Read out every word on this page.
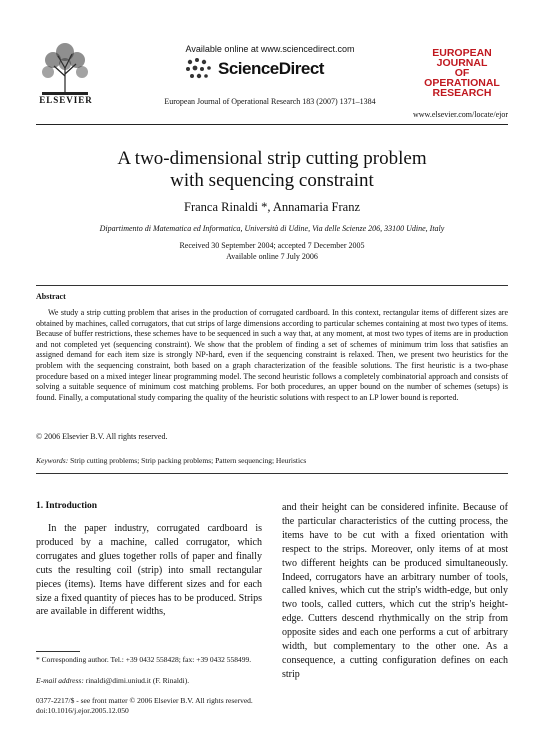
ELSEVIER
Available online at www.sciencedirect.com
ScienceDirect
European Journal of Operational Research 183 (2007) 1371–1384
EUROPEAN
JOURNAL
OF OPERATIONAL
RESEARCH
www.elsevier.com/locate/ejor
A two-dimensional strip cutting problem
with sequencing constraint
Franca Rinaldi *, Annamaria Franz
Dipartimento di Matematica ed Informatica, Università di Udine, Via delle Scienze 206, 33100 Udine, Italy
Received 30 September 2004; accepted 7 December 2005
Available online 7 July 2006
Abstract
We study a strip cutting problem that arises in the production of corrugated cardboard. In this context, rectangular items of different sizes are obtained by machines, called corrugators, that cut strips of large dimensions according to particular schemes containing at most two types of items. Because of buffer restrictions, these schemes have to be sequenced in such a way that, at any moment, at most two types of items are in production and not completed yet (sequencing constraint). We show that the problem of finding a set of schemes of minimum trim loss that satisfies an assigned demand for each item size is strongly NP-hard, even if the sequencing constraint is relaxed. Then, we present two heuristics for the problem with the sequencing constraint, both based on a graph characterization of the feasible solutions. The first heuristic is a two-phase procedure based on a mixed integer linear programming model. The second heuristic follows a completely combinatorial approach and consists of solving a suitable sequence of minimum cost matching problems. For both procedures, an upper bound on the number of schemes (setups) is found. Finally, a computational study comparing the quality of the heuristic solutions with respect to an LP lower bound is reported.
© 2006 Elsevier B.V. All rights reserved.
Keywords: Strip cutting problems; Strip packing problems; Pattern sequencing; Heuristics
1. Introduction
In the paper industry, corrugated cardboard is produced by a machine, called corrugator, which corrugates and glues together rolls of paper and finally cuts the resulting coil (strip) into small rectangular pieces (items). Items have different sizes and for each size a fixed quantity of pieces has to be produced. Strips are available in different widths,
and their height can be considered infinite. Because of the particular characteristics of the cutting process, the items have to be cut with a fixed orientation with respect to the strips. Moreover, only items of at most two different heights can be produced simultaneously. Indeed, corrugators have an arbitrary number of tools, called knives, which cut the strip's width-edge, but only two tools, called cutters, which cut the strip's height-edge. Cutters descend rhythmically on the strip from opposite sides and each one performs a cut of arbitrary width, but complementary to the other one. As a consequence, a cutting configuration defines on each strip
* Corresponding author. Tel.: +39 0432 558428; fax: +39 0432 558499.
E-mail address: rinaldi@dimi.uniud.it (F. Rinaldi).
0377-2217/$ - see front matter © 2006 Elsevier B.V. All rights reserved.
doi:10.1016/j.ejor.2005.12.050
